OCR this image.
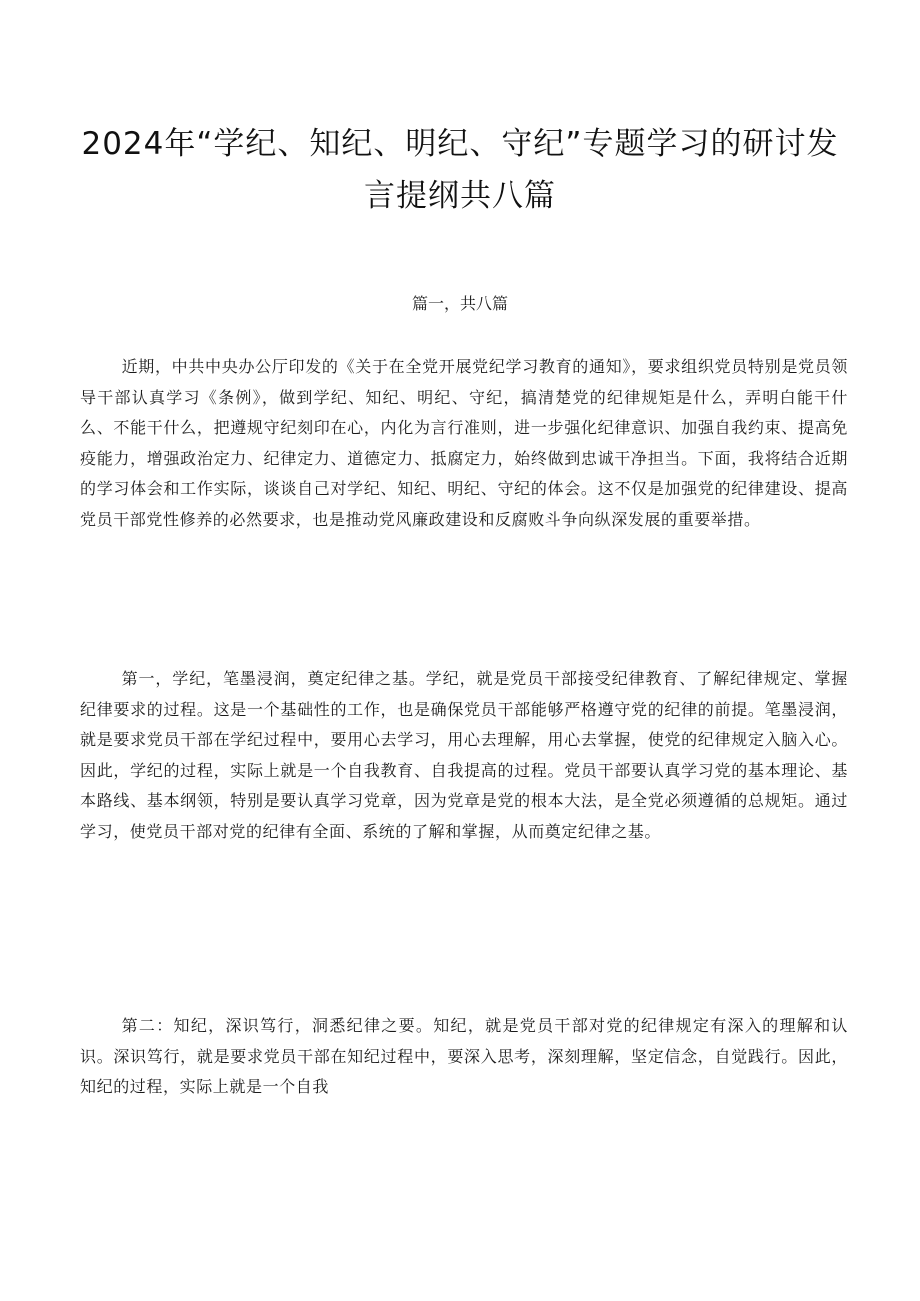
2024年“学纪、知纪、明纪、守纪”专题学习的研讨发言提纲共八篇

篇一，共八篇

近期，中共中央办公厅印发的《关于在全党开展党纪学习教育的通知》，要求组织党员特别是党员领导干部认真学习《条例》，做到学纪、知纪、明纪、守纪，搞清楚党的纪律规矩是什么，弄明白能干什么、不能干什么，把遵规守纪刻印在心，内化为言行准则，进一步强化纪律意识、加强自我约束、提高免疫能力，增强政治定力、纪律定力、道德定力、抵腐定力，始终做到忠诚干净担当。下面，我将结合近期的学习体会和工作实际，谈谈自己对学纪、知纪、明纪、守纪的体会。这不仅是加强党的纪律建设、提高党员干部党性修养的必然要求，也是推动党风廉政建设和反腐败斗争向纵深发展的重要举措。

第一，学纪，笔墨浸润，奠定纪律之基。学纪，就是党员干部接受纪律教育、了解纪律规定、掌握纪律要求的过程。这是一个基础性的工作，也是确保党员干部能够严格遵守党的纪律的前提。笔墨浸润，就是要求党员干部在学纪过程中，要用心去学习，用心去理解，用心去掌握，使党的纪律规定入脑入心。因此，学纪的过程，实际上就是一个自我教育、自我提高的过程。党员干部要认真学习党的基本理论、基本路线、基本纲领，特别是要认真学习党章，因为党章是党的根本大法，是全党必须遵循的总规矩。通过学习，使党员干部对党的纪律有全面、系统的了解和掌握，从而奠定纪律之基。

第二：知纪，深识笃行，洞悉纪律之要。知纪，就是党员干部对党的纪律规定有深入的理解和认识。深识笃行，就是要求党员干部在知纪过程中，要深入思考，深刻理解，坚定信念，自觉践行。因此，知纪的过程，实际上就是一个自我
